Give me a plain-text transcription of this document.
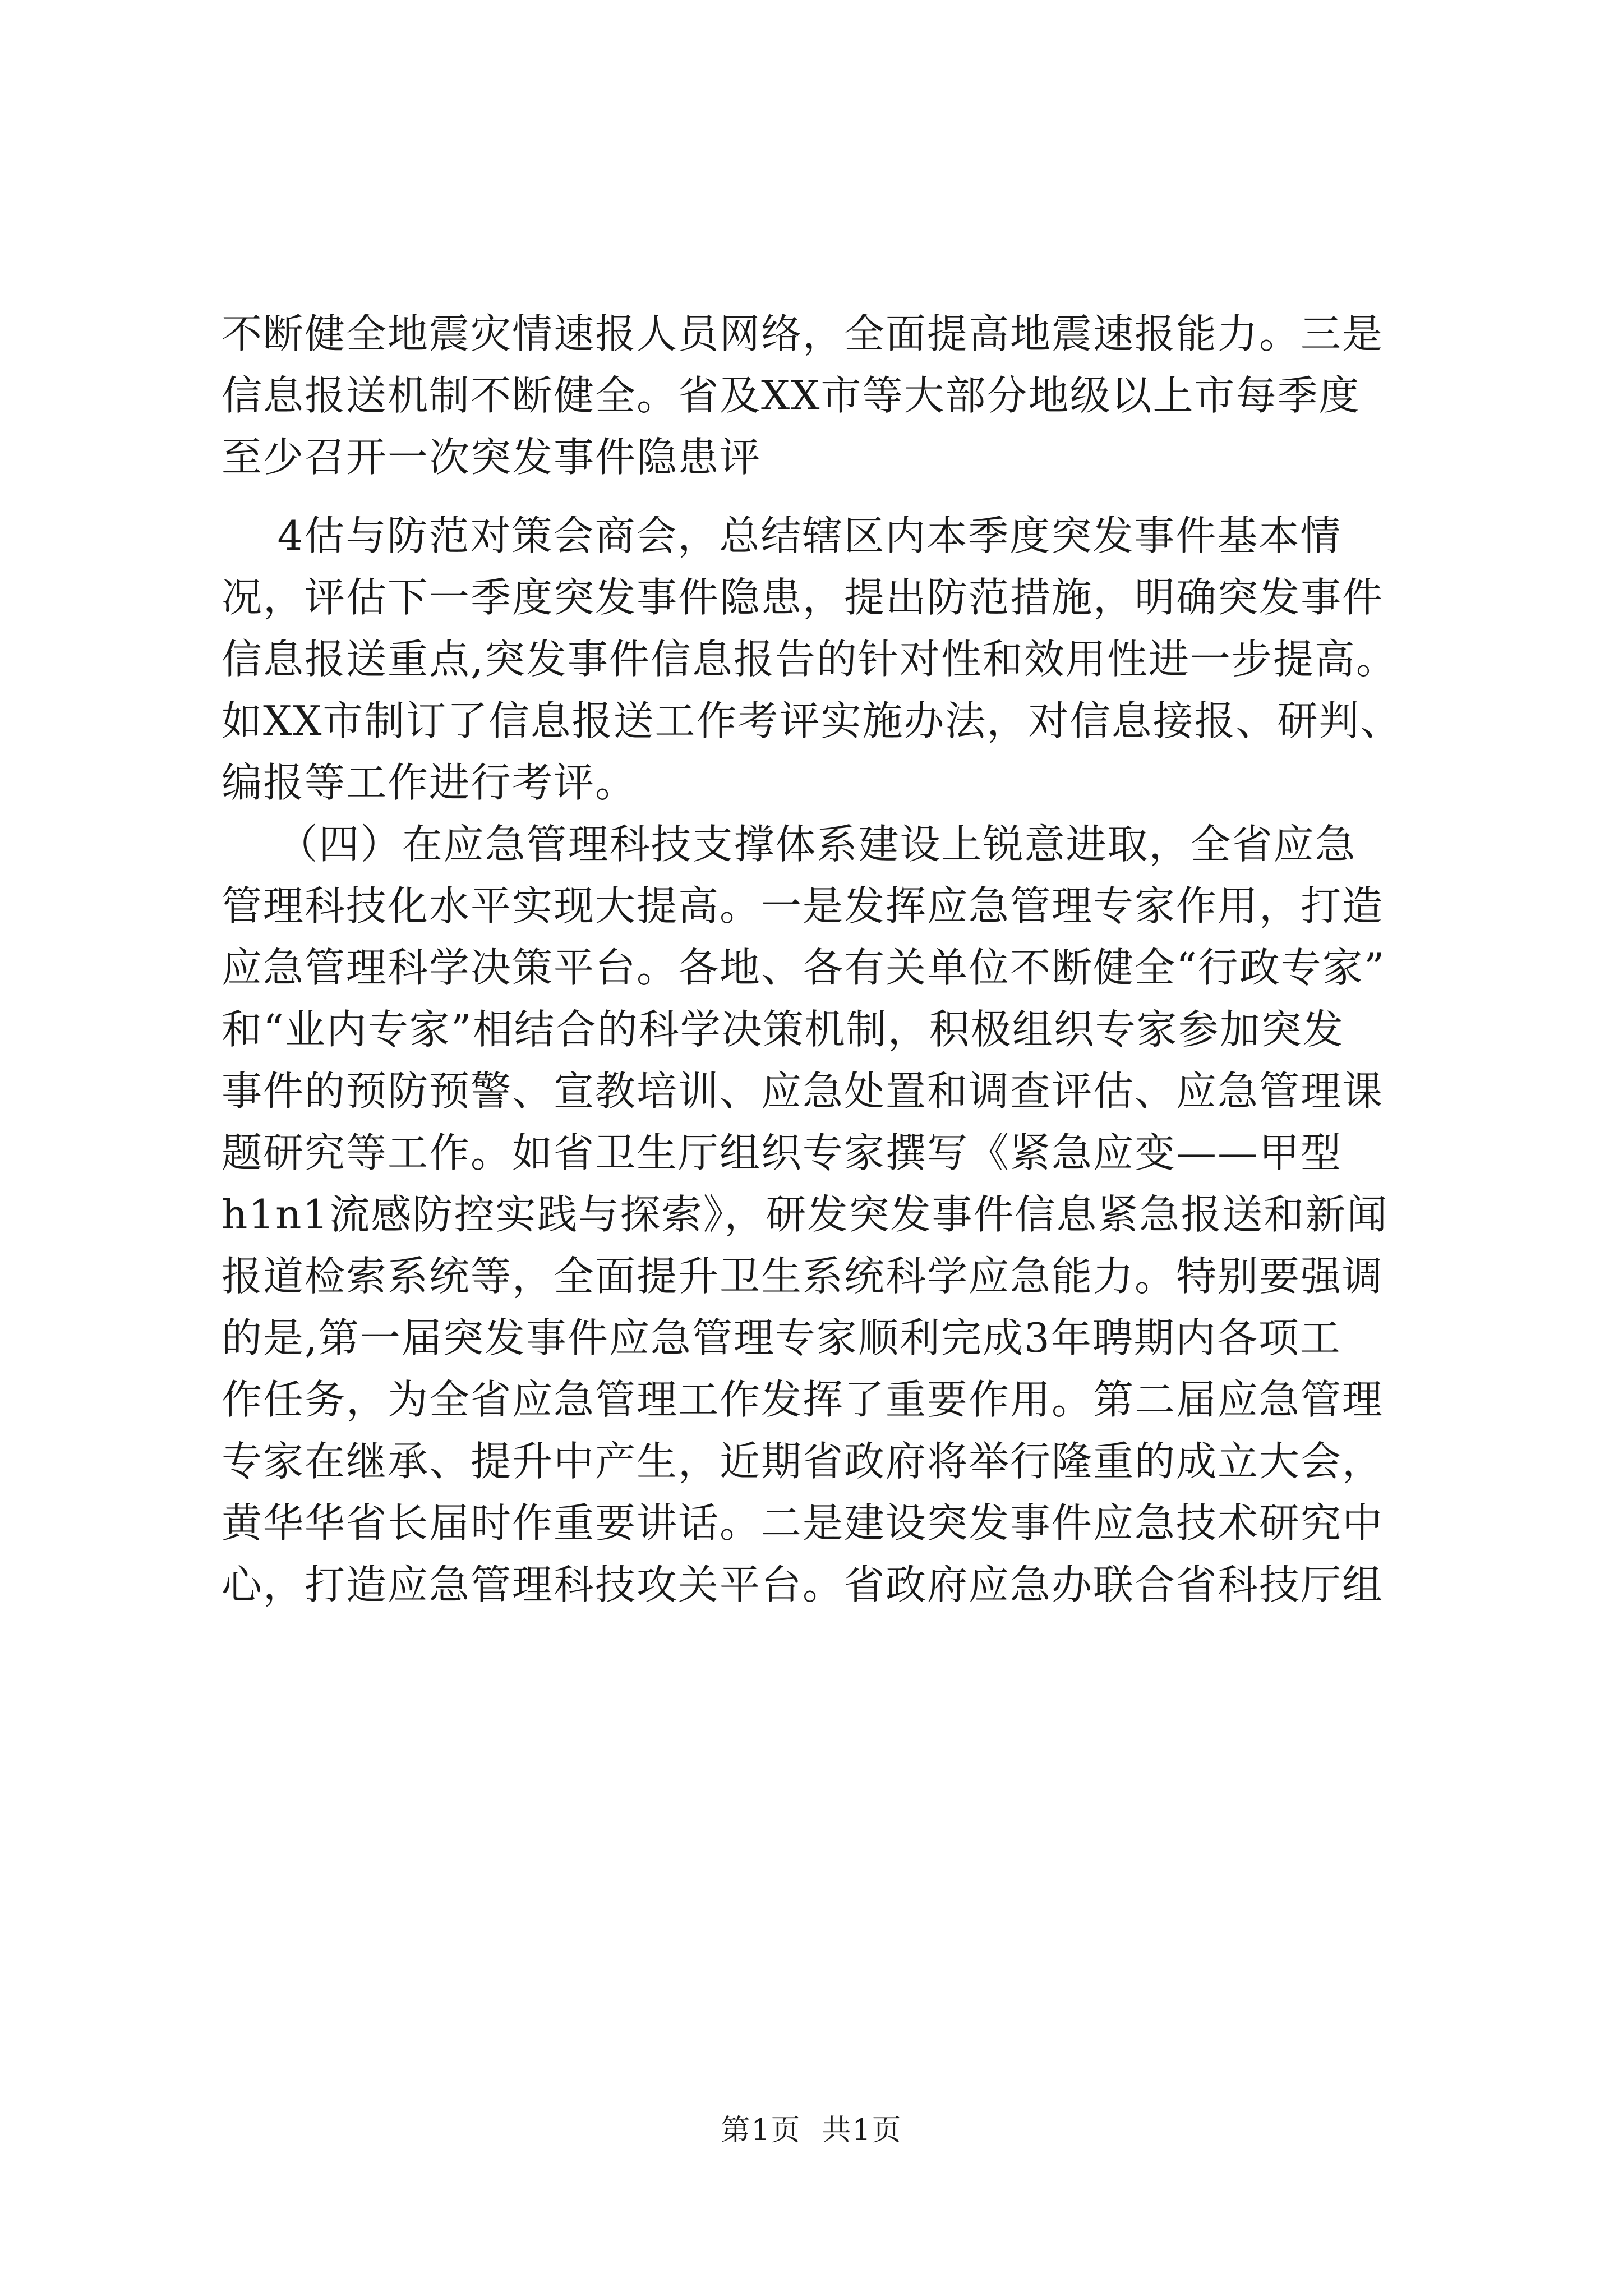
不断健全地震灾情速报人员网络，全面提高地震速报能力。三是
信息报送机制不断健全。省及XX市等大部分地级以上市每季度
至少召开一次突发事件隐患评
4估与防范对策会商会，总结辖区内本季度突发事件基本情
况，评估下一季度突发事件隐患，提出防范措施，明确突发事件
信息报送重点,突发事件信息报告的针对性和效用性进一步提高。
如XX市制订了信息报送工作考评实施办法，对信息接报、研判、
编报等工作进行考评。
（四）在应急管理科技支撑体系建设上锐意进取，全省应急
管理科技化水平实现大提高。一是发挥应急管理专家作用，打造
应急管理科学决策平台。各地、各有关单位不断健全“行政专家”
和“业内专家”相结合的科学决策机制，积极组织专家参加突发
事件的预防预警、宣教培训、应急处置和调查评估、应急管理课
题研究等工作。如省卫生厅组织专家撰写《紧急应变——甲型
h1n1流感防控实践与探索》，研发突发事件信息紧急报送和新闻
报道检索系统等，全面提升卫生系统科学应急能力。特别要强调
的是,第一届突发事件应急管理专家顺利完成3年聘期内各项工
作任务，为全省应急管理工作发挥了重要作用。第二届应急管理
专家在继承、提升中产生，近期省政府将举行隆重的成立大会，
黄华华省长届时作重要讲话。二是建设突发事件应急技术研究中
心，打造应急管理科技攻关平台。省政府应急办联合省科技厅组
第1页  共1页
